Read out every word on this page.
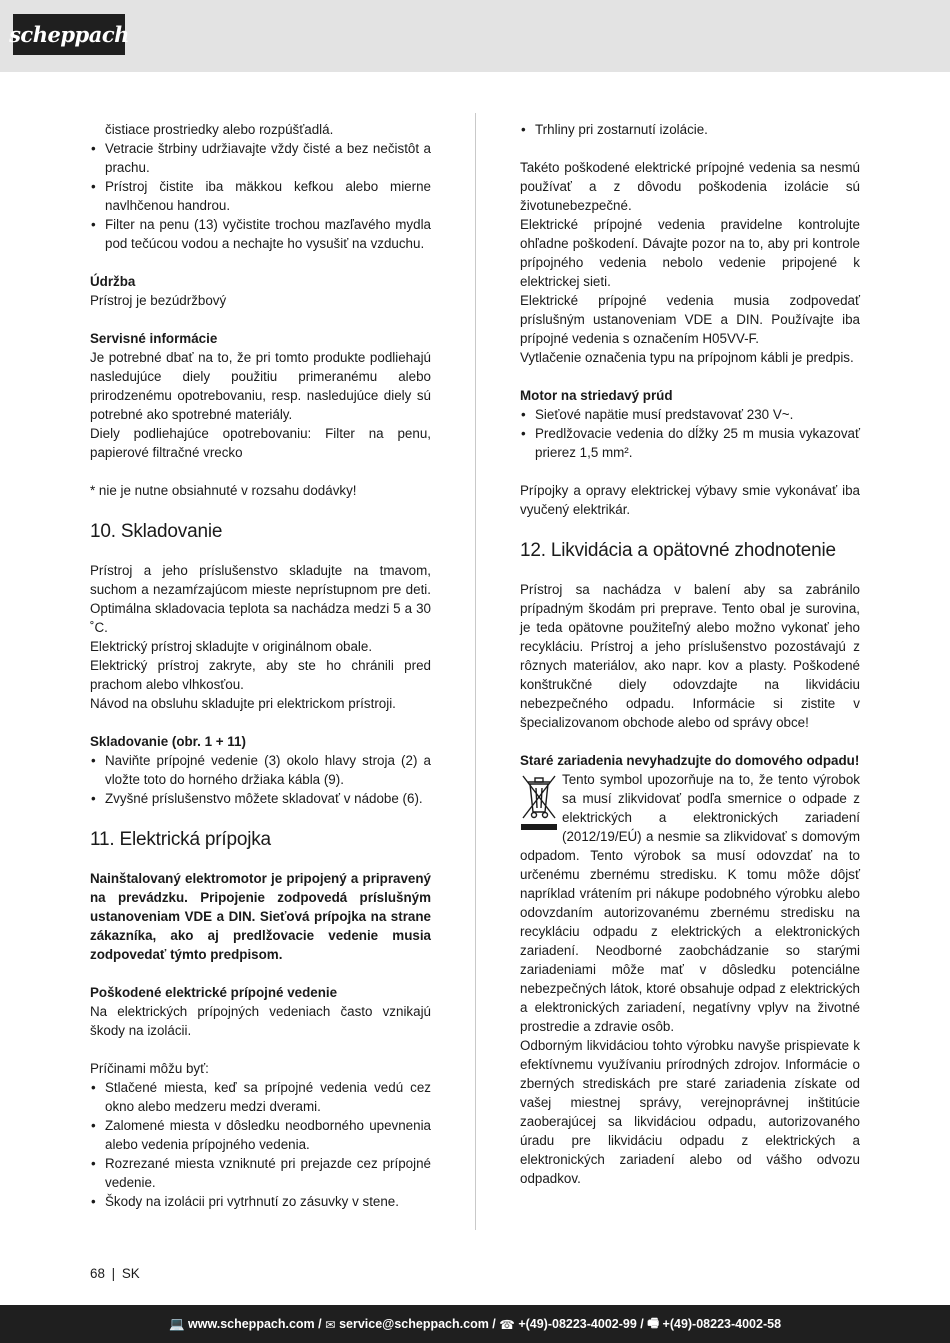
scheppach

čistiace prostriedky alebo rozpúšťadlá.

• Vetracie štrbiny udržiavajte vždy čisté a bez nečistôt a prachu.
• Prístroj čistite iba mäkkou kefkou alebo mierne navlhčenou handrou.
• Filter na penu (13) vyčistite trochou mazľavého mydla pod tečúcou vodou a nechajte ho vysušiť na vzduchu.

Údržba

Prístroj je bezúdržbový

Servisné informácie

Je potrebné dbať na to, že pri tomto produkte podliehajú nasledujúce diely použitiu primeranému alebo prirodzenému opotrebovaniu, resp. nasledujúce diely sú potrebné ako spotrebné materiály.

Diely podliehajúce opotrebovaniu: Filter na penu, papierové filtračné vrecko

* nie je nutne obsiahnuté v rozsahu dodávky!

10. Skladovanie

Prístroj a jeho príslušenstvo skladujte na tmavom, suchom a nezamŕzajúcom mieste neprístupnom pre deti. Optimálna skladovacia teplota sa nachádza medzi 5 a 30 ˚C.

Elektrický prístroj skladujte v originálnom obale.

Elektrický prístroj zakryte, aby ste ho chránili pred prachom alebo vlhkosťou.

Návod na obsluhu skladujte pri elektrickom prístroji.

Skladovanie (obr. 1 + 11)

• Naviňte prípojné vedenie (3) okolo hlavy stroja (2) a vložte toto do horného držiaka kábla (9).
• Zvyšné príslušenstvo môžete skladovať v nádobe (6).
11. Elektrická prípojka

Nainštalovaný elektromotor je pripojený a pripravený na prevádzku. Pripojenie zodpovedá príslušným ustanoveniam VDE a DIN. Sieťová prípojka na strane zákazníka, ako aj predlžovacie vedenie musia zodpovedať týmto predpisom.

Poškodené elektrické prípojné vedenie

Na elektrických prípojných vedeniach často vznikajú škody na izolácii.

Príčinami môžu byť:

• Stlačené miesta, keď sa prípojné vedenia vedú cez okno alebo medzeru medzi dverami.
• Zalomené miesta v dôsledku neodborného upevnenia alebo vedenia prípojného vedenia.
• Rozrezané miesta vzniknuté pri prejazde cez prípojné vedenie.
• Škody na izolácii pri vytrhnutí zo zásuvky v stene.
• Trhliny pri zostarnutí izolácie.

Takéto poškodené elektrické prípojné vedenia sa nesmú používať a z dôvodu poškodenia izolácie sú životunebezpečné.

Elektrické prípojné vedenia pravidelne kontrolujte ohľadne poškodení. Dávajte pozor na to, aby pri kontrole prípojného vedenia nebolo vedenie pripojené k elektrickej sieti.

Elektrické prípojné vedenia musia zodpovedať príslušným ustanoveniam VDE a DIN. Používajte iba prípojné vedenia s označením H05VV-F.

Vytlačenie označenia typu na prípojnom kábli je predpis.

Motor na striedavý prúd

• Sieťové napätie musí predstavovať 230 V~.
• Predlžovacie vedenia do dĺžky 25 m musia vykazovať prierez 1,5 mm².

Prípojky a opravy elektrickej výbavy smie vykonávať iba vyučený elektrikár.

12. Likvidácia a opätovné zhodnotenie

Prístroj sa nachádza v balení aby sa zabránilo prípadným škodám pri preprave. Tento obal je surovina, je teda opätovne použiteľný alebo možno vykonať jeho recykláciu. Prístroj a jeho príslušenstvo pozostávajú z rôznych materiálov, ako napr. kov a plasty. Poškodené konštrukčné diely odovzdajte na likvidáciu nebezpečného odpadu. Informácie si zistite v špecializovanom obchode alebo od správy obce!

Staré zariadenia nevyhadzujte do domového odpadu!

Tento symbol upozorňuje na to, že tento výrobok sa musí zlikvidovať podľa smernice o odpade z elektrických a elektronických zariadení (2012/19/EÚ) a nesmie sa zlikvidovať s domovým odpadom. Tento výrobok sa musí odovzdať na to určenému zbernému stredisku. K tomu môže dôjsť napríklad vrátením pri nákupe podobného výrobku alebo odovzdaním autorizovanému zbernému stredisku na recykláciu odpadu z elektrických a elektronických zariadení. Neodborné zaobchádzanie so starými zariadeniami môže mať v dôsledku potenciálne nebezpečných látok, ktoré obsahuje odpad z elektrických a elektronických zariadení, negatívny vplyv na životné prostredie a zdravie osôb.

Odborným likvidáciou tohto výrobku navyše prispievate k efektívnemu využívaniu prírodných zdrojov. Informácie o zberných strediskách pre staré zariadenia získate od vašej miestnej správy, verejnoprávnej inštitúcie zaoberajúcej sa likvidáciou odpadu, autorizovaného úradu pre likvidáciu odpadu z elektrických a elektronických zariadení alebo od vášho odvozu odpadkov.

68 | SK
💻
www.scheppach.com / ✉
service@scheppach.com / ☎
+(49)-08223-4002-99 / 🖷
+(49)-08223-4002-58
